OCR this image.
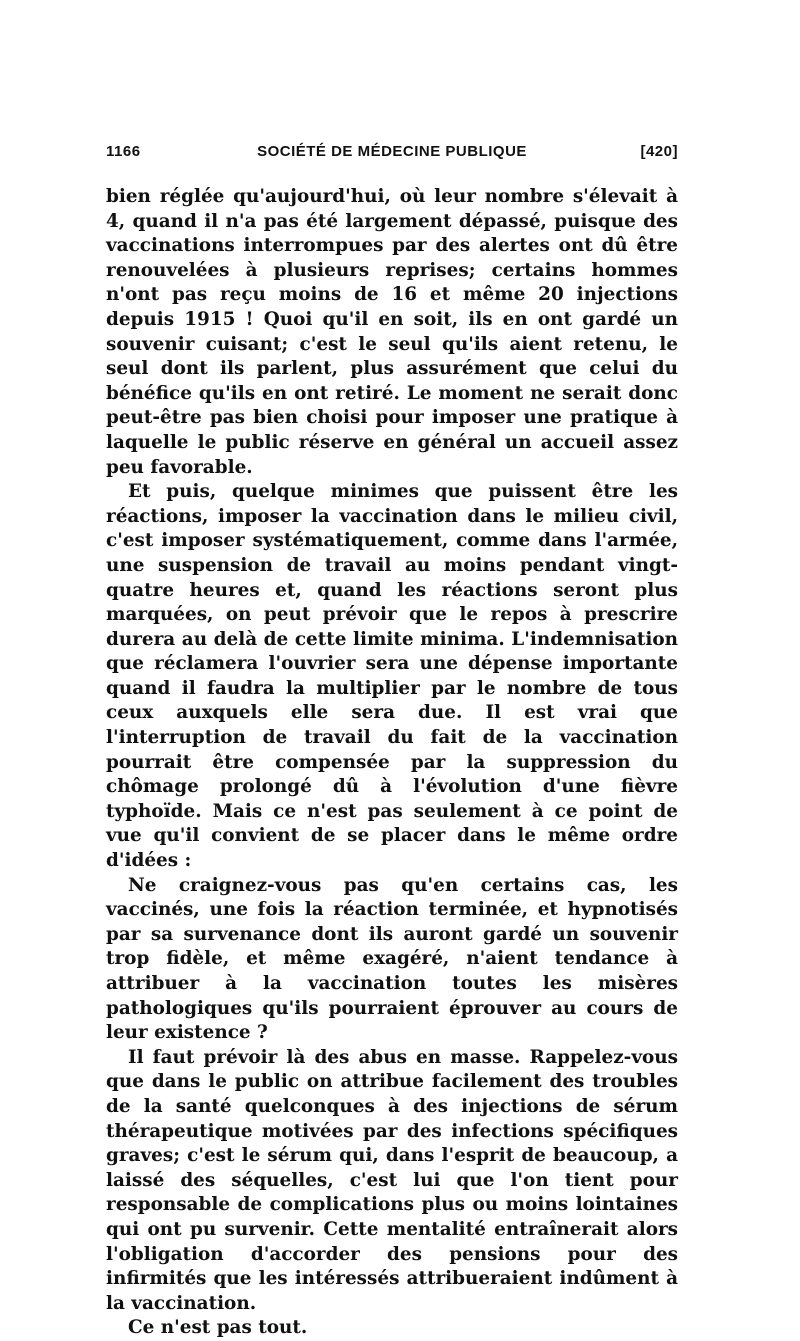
1166	SOCIÉTÉ DE MÉDECINE PUBLIQUE	[420]

bien réglée qu'aujourd'hui, où leur nombre s'élevait à 4, quand il n'a pas été largement dépassé, puisque des vaccinations interrompues par des alertes ont dû être renouvelées à plusieurs reprises; certains hommes n'ont pas reçu moins de 16 et même 20 injections depuis 1915 ! Quoi qu'il en soit, ils en ont gardé un souvenir cuisant; c'est le seul qu'ils aient retenu, le seul dont ils parlent, plus assurément que celui du bénéfice qu'ils en ont retiré. Le moment ne serait donc peut-être pas bien choisi pour imposer une pratique à laquelle le public réserve en général un accueil assez peu favorable.

Et puis, quelque minimes que puissent être les réactions, imposer la vaccination dans le milieu civil, c'est imposer systématiquement, comme dans l'armée, une suspension de travail au moins pendant vingt-quatre heures et, quand les réactions seront plus marquées, on peut prévoir que le repos à prescrire durera au delà de cette limite minima. L'indemnisation que réclamera l'ouvrier sera une dépense importante quand il faudra la multiplier par le nombre de tous ceux auxquels elle sera due. Il est vrai que l'interruption de travail du fait de la vaccination pourrait être compensée par la suppression du chômage prolongé dû à l'évolution d'une fièvre typhoïde. Mais ce n'est pas seulement à ce point de vue qu'il convient de se placer dans le même ordre d'idées :

Ne craignez-vous pas qu'en certains cas, les vaccinés, une fois la réaction terminée, et hypnotisés par sa survenance dont ils auront gardé un souvenir trop fidèle, et même exagéré, n'aient tendance à attribuer à la vaccination toutes les misères pathologiques qu'ils pourraient éprouver au cours de leur existence ?

Il faut prévoir là des abus en masse. Rappelez-vous que dans le public on attribue facilement des troubles de la santé quelconques à des injections de sérum thérapeutique motivées par des infections spécifiques graves; c'est le sérum qui, dans l'esprit de beaucoup, a laissé des séquelles, c'est lui que l'on tient pour responsable de complications plus ou moins lointaines qui ont pu survenir. Cette mentalité entraînerait alors l'obligation d'accorder des pensions pour des infirmités que les intéressés attribueraient indûment à la vaccination.

Ce n'est pas tout.
